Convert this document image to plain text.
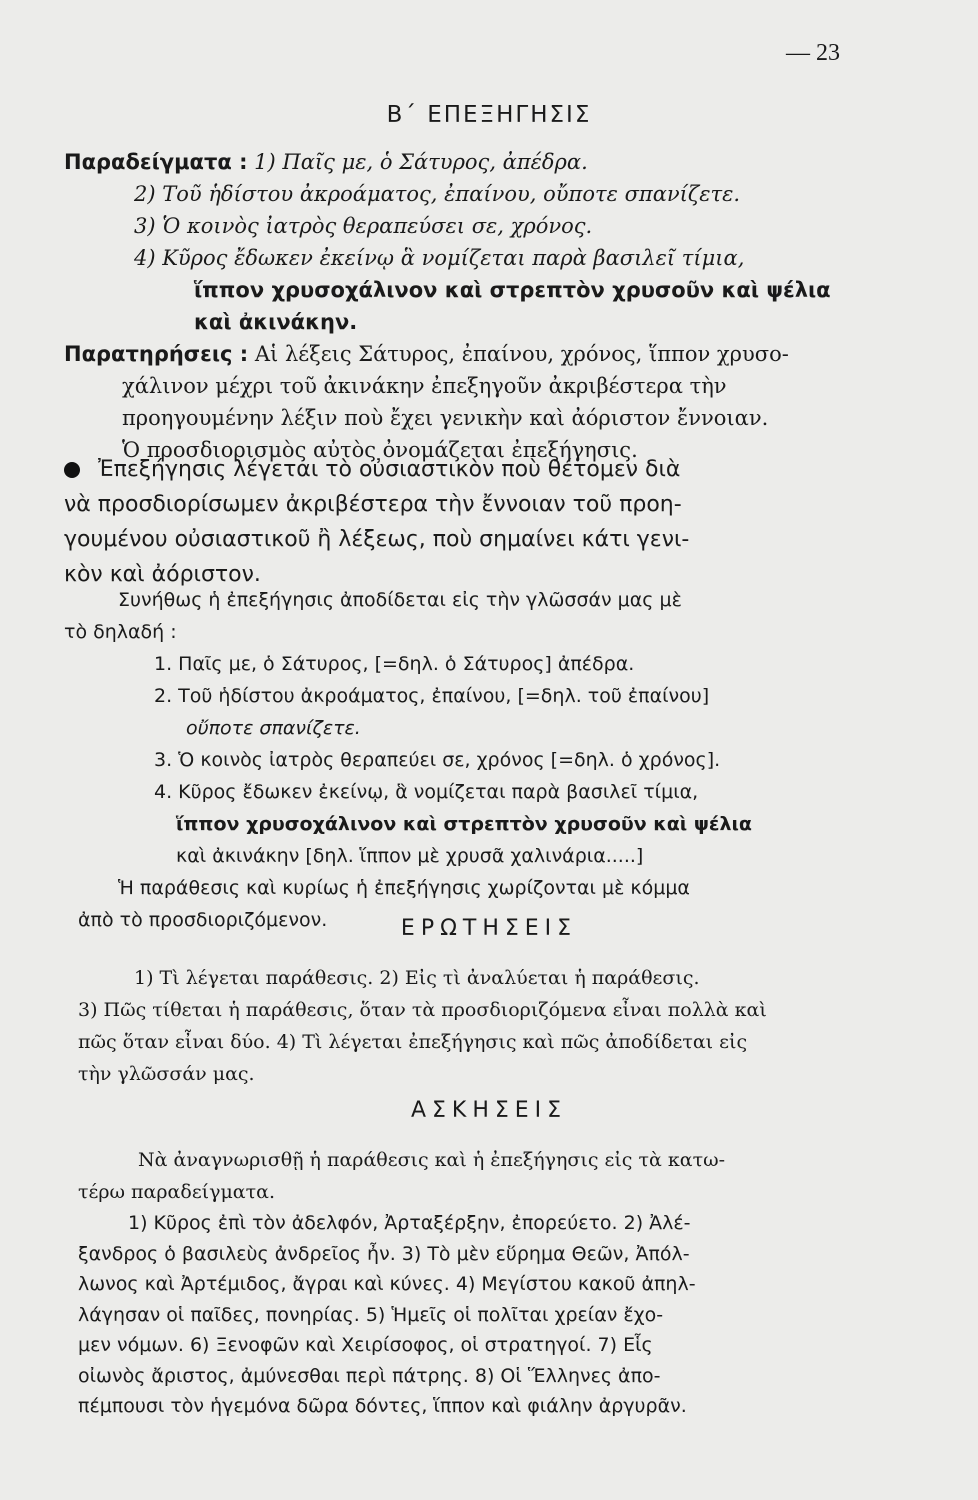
— 23
Β΄ ΕΠΕΞΗΓΗΣΙΣ
Παραδείγματα : 1) Παῖς με, ὁ Σάτυρος, ἀπέδρα.
2) Τοῦ ἡδίστου ἀκροάματος, ἐπαίνου, οὔποτε σπανίζετε.
3) Ὁ κοινὸς ἰατρὸς θεραπεύσει σε, χρόνος.
4) Κῦρος ἔδωκεν ἐκείνῳ ἃ νομίζεται παρὰ βασιλεῖ τίμια,
ἵππον χρυσοχάλινον καὶ στρεπτὸν χρυσοῦν καὶ ψέλια
καὶ ἀκινάκην.
Παρατηρήσεις : Αἱ λέξεις Σάτυρος, ἐπαίνου, χρόνος, ἵππον χρυσο-
χάλινον μέχρι τοῦ ἀκινάκην ἐπεξηγοῦν ἀκριβέστερα τὴν
προηγουμένην λέξιν ποὺ ἔχει γενικὴν καὶ ἀόριστον ἔννοιαν.
Ὁ προσδιορισμὸς αὐτὸς ὀνομάζεται ἐπεξήγησις.
Ἐπεξήγησις λέγεται τὸ οὐσιαστικὸν ποὺ θέτομεν διὰ
νὰ προσδιορίσωμεν ἀκριβέστερα τὴν ἔννοιαν τοῦ προη-
γουμένου οὐσιαστικοῦ ἢ λέξεως, ποὺ σημαίνει κάτι γενι-
κὸν καὶ ἀόριστον.
Συνήθως ἡ ἐπεξήγησις ἀποδίδεται εἰς τὴν γλῶσσάν μας μὲ
τὸ δηλαδή :
1. Παῖς με, ὁ Σάτυρος, [=δηλ. ὁ Σάτυρος] ἀπέδρα.
2. Τοῦ ἡδίστου ἀκροάματος, ἐπαίνου, [=δηλ. τοῦ ἐπαίνου]
οὔποτε σπανίζετε.
3. Ὁ κοινὸς ἰατρὸς θεραπεύει σε, χρόνος [=δηλ. ὁ χρόνος].
4. Κῦρος ἔδωκεν ἐκείνῳ, ἃ νομίζεται παρὰ βασιλεῖ τίμια,
ἵππον χρυσοχάλινον καὶ στρεπτὸν χρυσοῦν καὶ ψέλια
καὶ ἀκινάκην [δηλ. ἵππον μὲ χρυσᾶ χαλινάρια.....]
Ἡ παράθεσις καὶ κυρίως ἡ ἐπεξήγησις χωρίζονται μὲ κόμμα
ἀπὸ τὸ προσδιοριζόμενον.	ΕΡΩΤΗΣΕΙΣ
1) Τὶ λέγεται παράθεσις. 2) Εἰς τὶ ἀναλύεται ἡ παράθεσις.
3) Πῶς τίθεται ἡ παράθεσις, ὅταν τὰ προσδιοριζόμενα εἶναι πολλὰ καὶ
πῶς ὅταν εἶναι δύο. 4) Τὶ λέγεται ἐπεξήγησις καὶ πῶς ἀποδίδεται εἰς
τὴν γλῶσσάν μας.
ΑΣΚΗΣΕΙΣ
Νὰ ἀναγνωρισθῇ ἡ παράθεσις καὶ ἡ ἐπεξήγησις εἰς τὰ κατω-
τέρω παραδείγματα.
1) Κῦρος ἐπὶ τὸν ἀδελφόν, Ἀρταξέρξην, ἐπορεύετο. 2) Ἀλέ-
ξανδρος ὁ βασιλεὺς ἀνδρεῖος ἦν. 3) Τὸ μὲν εὕρημα Θεῶν, Ἀπόλ-
λωνος καὶ Ἀρτέμιδος, ἄγραι καὶ κύνες. 4) Μεγίστου κακοῦ ἀπηλ-
λάγησαν οἱ παῖδες, πονηρίας. 5) Ἡμεῖς οἱ πολῖται χρείαν ἔχο-
μεν νόμων. 6) Ξενοφῶν καὶ Χειρίσοφος, οἱ στρατηγοί. 7) Εἷς
οἰωνὸς ἄριστος, ἀμύνεσθαι περὶ πάτρης. 8) Οἱ Ἕλληνες ἀπο-
πέμπουσι τὸν ἡγεμόνα δῶρα δόντες, ἵππον καὶ φιάλην ἀργυρᾶν.
